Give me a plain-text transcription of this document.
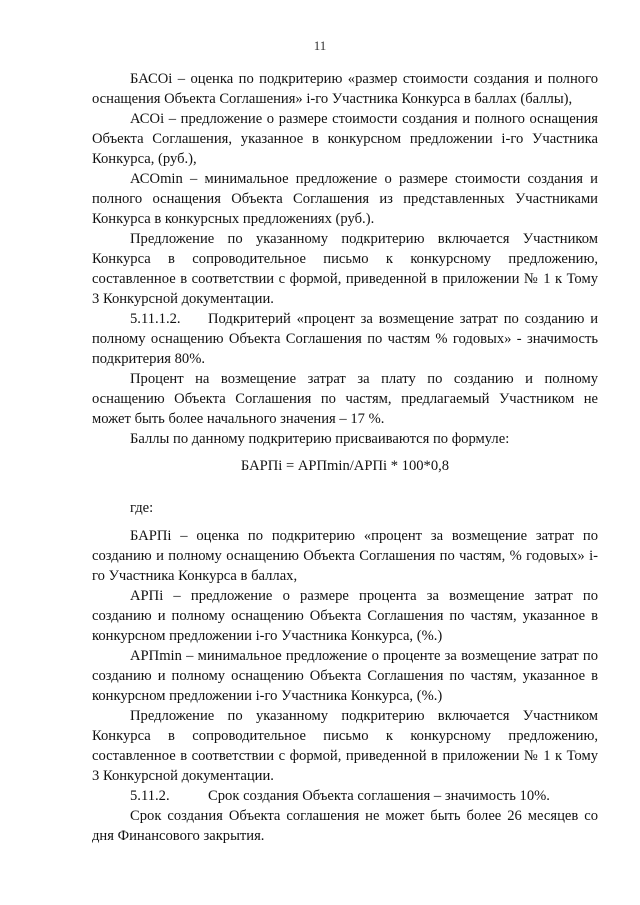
11

БАСОi – оценка по подкритерию «размер стоимости создания и полного оснащения Объекта Соглашения» i-го Участника Конкурса в баллах (баллы),

АСОi – предложение о размере стоимости создания и полного оснащения Объекта Соглашения, указанное в конкурсном предложении i-го Участника Конкурса, (руб.),

АСОmin – минимальное предложение о размере стоимости создания и полного оснащения Объекта Соглашения из представленных Участниками Конкурса в конкурсных предложениях (руб.).

Предложение по указанному подкритерию включается Участником Конкурса в сопроводительное письмо к конкурсному предложению, составленное в соответствии с формой, приведенной в приложении № 1 к Тому 3 Конкурсной документации.

5.11.1.2. Подкритерий «процент за возмещение затрат по созданию и полному оснащению Объекта Соглашения по частям % годовых» - значимость подкритерия 80%.

Процент на возмещение затрат за плату по созданию и полному оснащению Объекта Соглашения по частям, предлагаемый Участником не может быть более начального значения – 17 %.

Баллы по данному подкритерию присваиваются по формуле:

БАРПi = АРПmin/АРПi * 100*0,8

где:

БАРПi – оценка по подкритерию «процент за возмещение затрат по созданию и полному оснащению Объекта Соглашения по частям, % годовых» i-го Участника Конкурса в баллах,

АРПi – предложение о размере процента за возмещение затрат по созданию и полному оснащению Объекта Соглашения по частям, указанное в конкурсном предложении i-го Участника Конкурса, (%.)

АРПmin – минимальное предложение о проценте за возмещение затрат по созданию и полному оснащению Объекта Соглашения по частям, указанное в конкурсном предложении i-го Участника Конкурса, (%.)

Предложение по указанному подкритерию включается Участником Конкурса в сопроводительное письмо к конкурсному предложению, составленное в соответствии с формой, приведенной в приложении № 1 к Тому 3 Конкурсной документации.

5.11.2.	Срок создания Объекта соглашения – значимость 10%.

Срок создания Объекта соглашения не может быть более 26 месяцев со дня Финансового закрытия.
